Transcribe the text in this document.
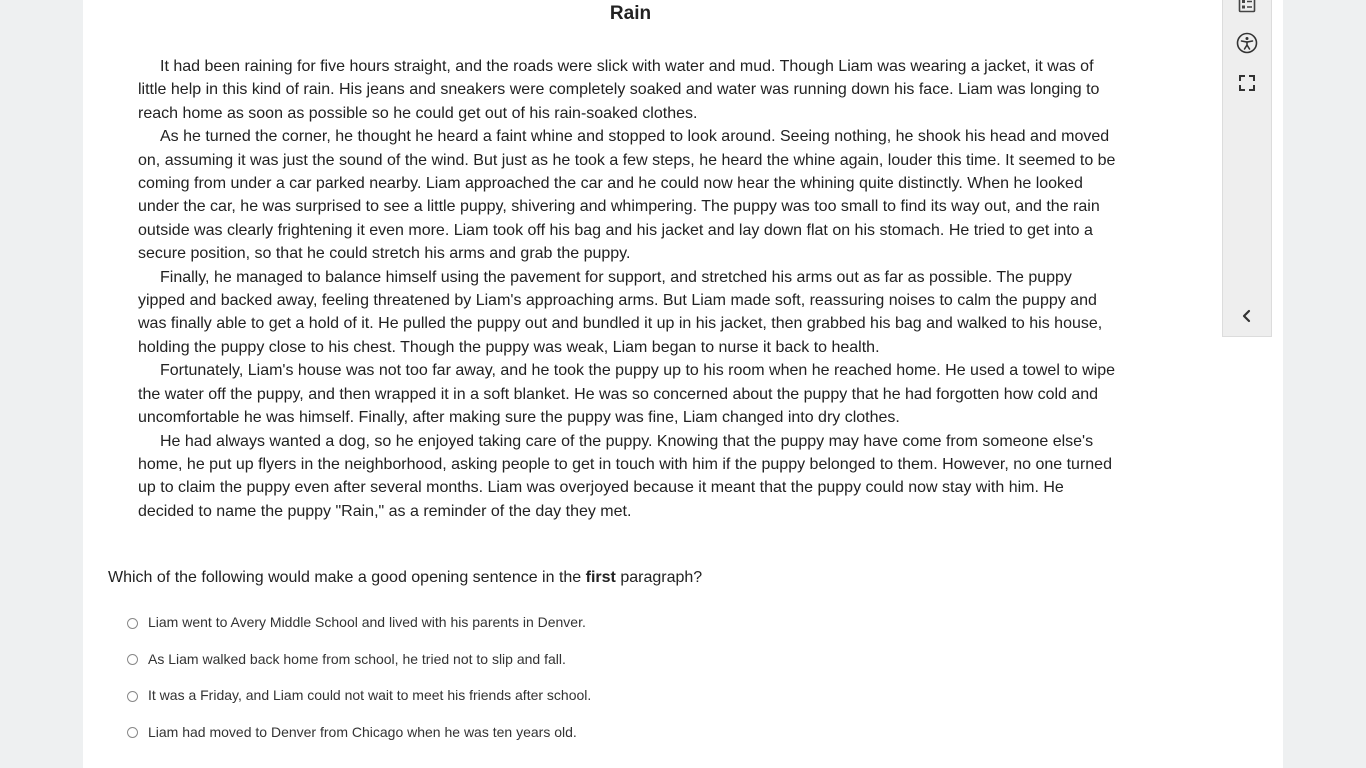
Rain

It had been raining for five hours straight, and the roads were slick with water and mud. Though Liam was wearing a jacket, it was of little help in this kind of rain. His jeans and sneakers were completely soaked and water was running down his face. Liam was longing to reach home as soon as possible so he could get out of his rain-soaked clothes.

As he turned the corner, he thought he heard a faint whine and stopped to look around. Seeing nothing, he shook his head and moved on, assuming it was just the sound of the wind. But just as he took a few steps, he heard the whine again, louder this time. It seemed to be coming from under a car parked nearby. Liam approached the car and he could now hear the whining quite distinctly. When he looked under the car, he was surprised to see a little puppy, shivering and whimpering. The puppy was too small to find its way out, and the rain outside was clearly frightening it even more. Liam took off his bag and his jacket and lay down flat on his stomach. He tried to get into a secure position, so that he could stretch his arms and grab the puppy.

Finally, he managed to balance himself using the pavement for support, and stretched his arms out as far as possible. The puppy yipped and backed away, feeling threatened by Liam's approaching arms. But Liam made soft, reassuring noises to calm the puppy and was finally able to get a hold of it. He pulled the puppy out and bundled it up in his jacket, then grabbed his bag and walked to his house, holding the puppy close to his chest. Though the puppy was weak, Liam began to nurse it back to health.

Fortunately, Liam's house was not too far away, and he took the puppy up to his room when he reached home. He used a towel to wipe the water off the puppy, and then wrapped it in a soft blanket. He was so concerned about the puppy that he had forgotten how cold and uncomfortable he was himself. Finally, after making sure the puppy was fine, Liam changed into dry clothes.

He had always wanted a dog, so he enjoyed taking care of the puppy. Knowing that the puppy may have come from someone else's home, he put up flyers in the neighborhood, asking people to get in touch with him if the puppy belonged to them. However, no one turned up to claim the puppy even after several months. Liam was overjoyed because it meant that the puppy could now stay with him. He decided to name the puppy "Rain," as a reminder of the day they met.

Which of the following would make a good opening sentence in the first paragraph?
Liam went to Avery Middle School and lived with his parents in Denver.
As Liam walked back home from school, he tried not to slip and fall.
It was a Friday, and Liam could not wait to meet his friends after school.
Liam had moved to Denver from Chicago when he was ten years old.
